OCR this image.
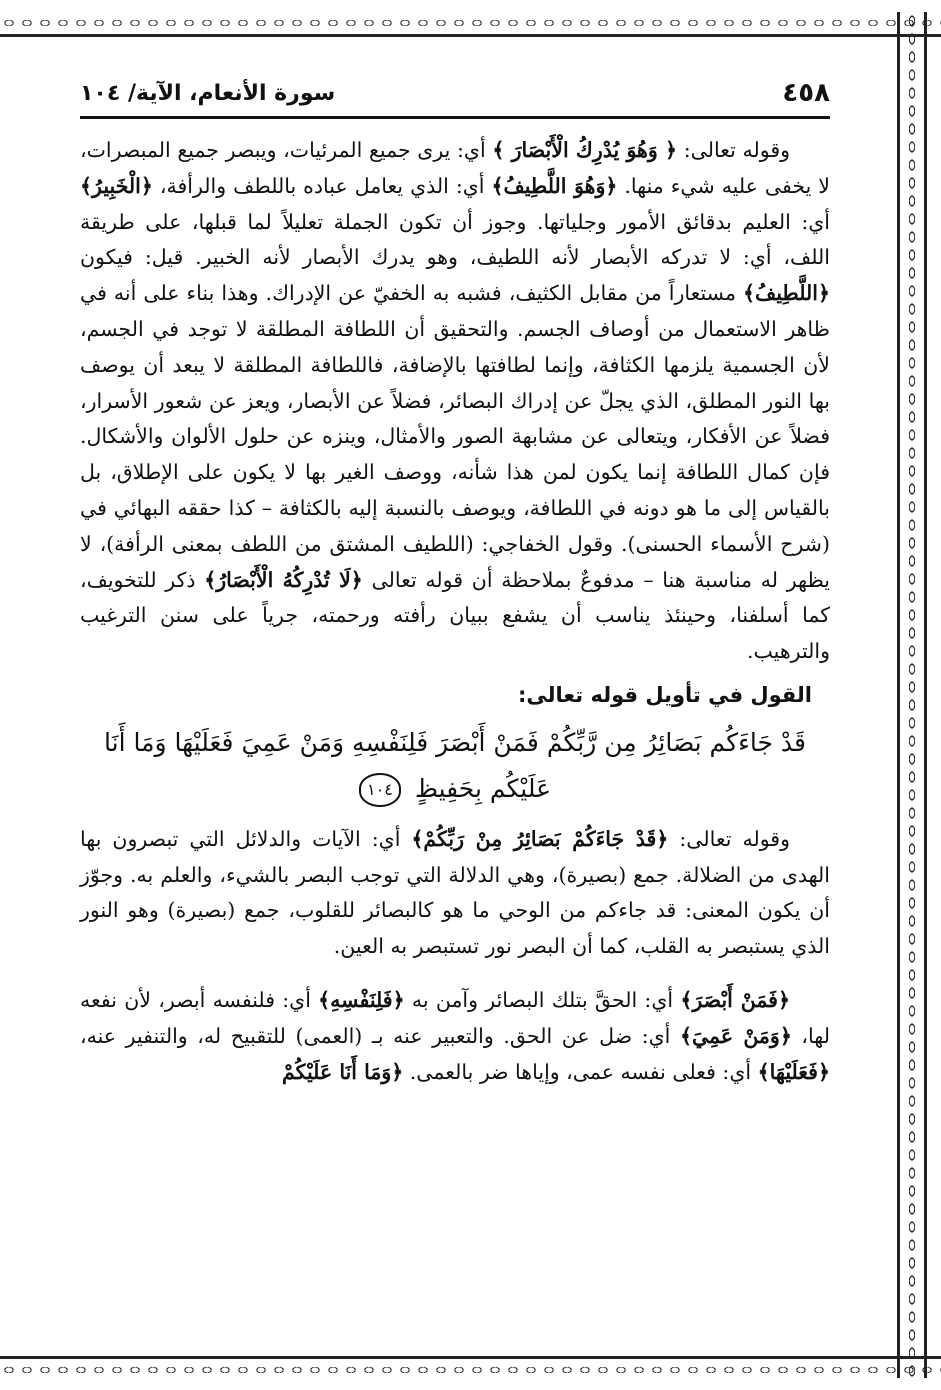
٤٥٨
سورة الأنعام، الآية/ ١٠٤

وقوله تعالى: ﴿ وَهُوَ يُدْرِكُ الْأَبْصَارَ ﴾ أي: يرى جميع المرئيات، ويبصر جميع المبصرات، لا يخفى عليه شيء منها. ﴿وَهُوَ اللَّطِيفُ﴾ أي: الذي يعامل عباده باللطف والرأفة، ﴿الْخَبِيرُ﴾ أي: العليم بدقائق الأمور وجلياتها. وجوز أن تكون الجملة تعليلاً لما قبلها، على طريقة اللف، أي: لا تدركه الأبصار لأنه اللطيف، وهو يدرك الأبصار لأنه الخبير. قيل: فيكون ﴿اللَّطِيفُ﴾ مستعاراً من مقابل الكثيف، فشبه به الخفيّ عن الإدراك. وهذا بناء على أنه في ظاهر الاستعمال من أوصاف الجسم. والتحقيق أن اللطافة المطلقة لا توجد في الجسم، لأن الجسمية يلزمها الكثافة، وإنما لطافتها بالإضافة، فاللطافة المطلقة لا يبعد أن يوصف بها النور المطلق، الذي يجلّ عن إدراك البصائر، فضلاً عن الأبصار، ويعز عن شعور الأسرار، فضلاً عن الأفكار، ويتعالى عن مشابهة الصور والأمثال، وينزه عن حلول الألوان والأشكال. فإن كمال اللطافة إنما يكون لمن هذا شأنه، ووصف الغير بها لا يكون على الإطلاق، بل بالقياس إلى ما هو دونه في اللطافة، ويوصف بالنسبة إليه بالكثافة – كذا حققه البهائي في (شرح الأسماء الحسنى). وقول الخفاجي: (اللطيف المشتق من اللطف بمعنى الرأفة)، لا يظهر له مناسبة هنا – مدفوعٌ بملاحظة أن قوله تعالى ﴿لَا تُدْرِكُهُ الْأَبْصَارُ﴾ ذكر للتخويف، كما أسلفنا، وحينئذ يناسب أن يشفع ببيان رأفته ورحمته، جرياً على سنن الترغيب والترهيب.

القول في تأويل قوله تعالى:
قَدْ جَاءَكُم بَصَائِرُ مِن رَّبِّكُمْ فَمَنْ أَبْصَرَ فَلِنَفْسِهِ وَمَنْ عَمِيَ فَعَلَيْهَا وَمَا أَنَا عَلَيْكُم بِحَفِيظٍ ١٠٤

وقوله تعالى: ﴿قَدْ جَاءَكُمْ بَصَائِرُ مِنْ رَبِّكُمْ﴾ أي: الآيات والدلائل التي تبصرون بها الهدى من الضلالة. جمع (بصيرة)، وهي الدلالة التي توجب البصر بالشيء، والعلم به. وجوّز أن يكون المعنى: قد جاءكم من الوحي ما هو كالبصائر للقلوب، جمع (بصيرة) وهو النور الذي يستبصر به القلب، كما أن البصر نور تستبصر به العين.

﴿فَمَنْ أَبْصَرَ﴾ أي: الحقَّ بتلك البصائر وآمن به ﴿فَلِنَفْسِهِ﴾ أي: فلنفسه أبصر، لأن نفعه لها، ﴿وَمَنْ عَمِيَ﴾ أي: ضل عن الحق. والتعبير عنه بـ (العمى) للتقبيح له، والتنفير عنه، ﴿فَعَلَيْهَا﴾ أي: فعلى نفسه عمى، وإياها ضر بالعمى. ﴿وَمَا أَنَا عَلَيْكُمْ
